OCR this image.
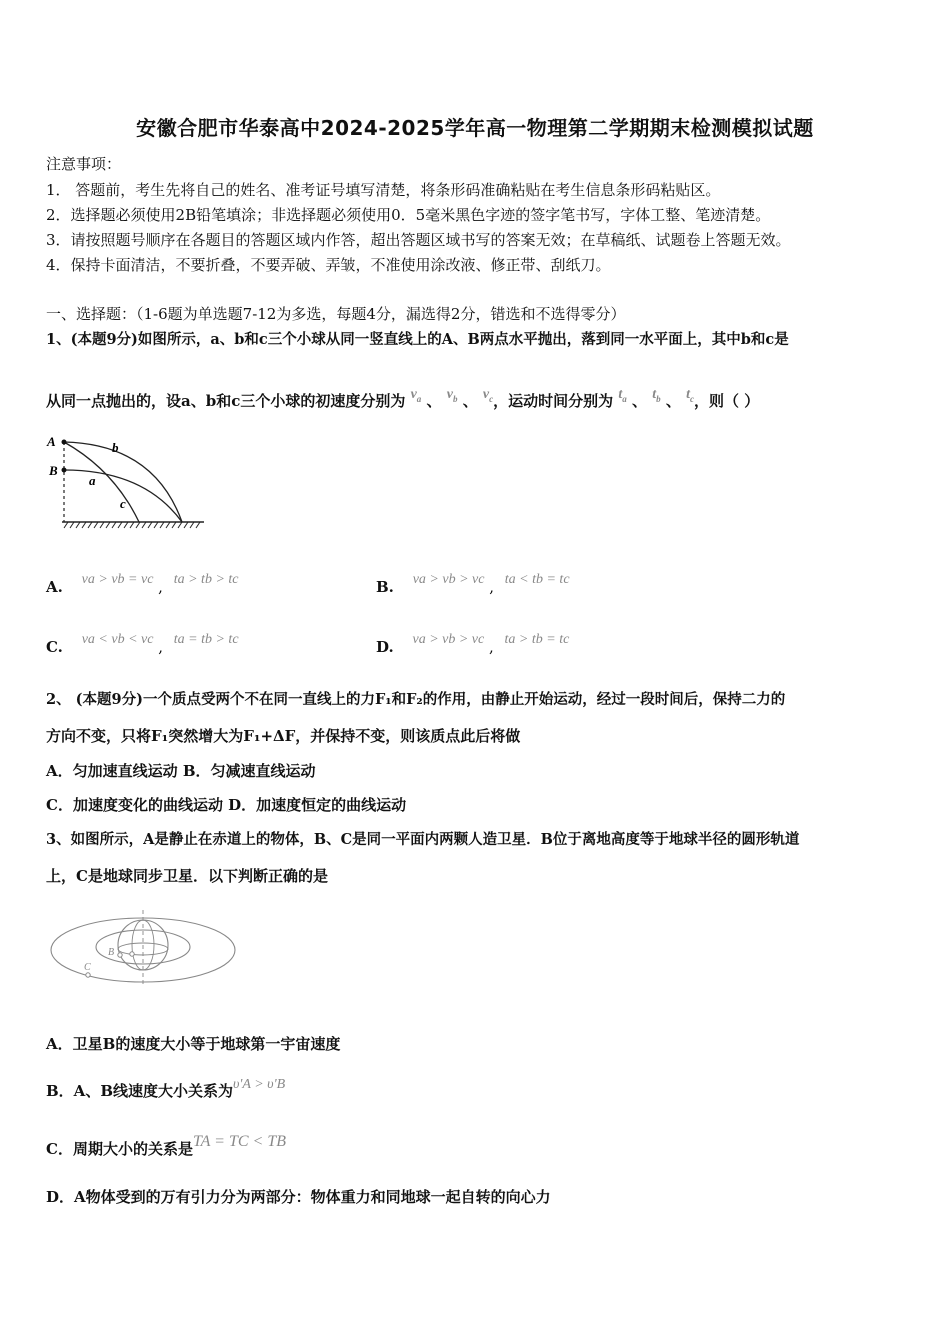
安徽合肥市华泰高中2024-2025学年高一物理第二学期期末检测模拟试题
注意事项：
1． 答题前，考生先将自己的姓名、准考证号填写清楚，将条形码准确粘贴在考生信息条形码粘贴区。
2．选择题必须使用2B铅笔填涂；非选择题必须使用0．5毫米黑色字迹的签字笔书写，字体工整、笔迹清楚。
3．请按照题号顺序在各题目的答题区域内作答，超出答题区域书写的答案无效；在草稿纸、试题卷上答题无效。
4．保持卡面清洁，不要折叠，不要弄破、弄皱，不准使用涂改液、修正带、刮纸刀。
一、选择题：（1-6题为单选题7-12为多选，每题4分，漏选得2分，错选和不选得零分）
1、(本题9分)如图所示，a、b和c三个小球从同一竖直线上的A、B两点水平抛出，落到同一水平面上，其中b和c是
从同一点抛出的，设a、b和c三个小球的初速度分别为 $v_a$ 、 $v_b$ 、 $v_c$，运动时间分别为 $t_a$ 、 $t_b$ 、 $t_c$，则（ ）
A
B
a
b
c
A. va > vb = vc , ta > tb > tc	B. va > vb > vc , ta < tb = tc
C. va < vb < vc , ta = tb > tc	D. va > vb > vc , ta > tb = tc
2、 (本题9分)一个质点受两个不在同一直线上的力F₁和F₂的作用，由静止开始运动，经过一段时间后，保持二力的
方向不变，只将F₁突然增大为F₁+ΔF，并保持不变，则该质点此后将做
A．匀加速直线运动 B．匀减速直线运动
C．加速度变化的曲线运动 D．加速度恒定的曲线运动
3、如图所示，A是静止在赤道上的物体，B、C是同一平面内两颗人造卫星．B位于离地高度等于地球半径的圆形轨道
上，C是地球同步卫星．以下判断正确的是
B
C
A．卫星B的速度大小等于地球第一宇宙速度
B．A、B线速度大小关系为υ'A > υ'B
C．周期大小的关系是TA = TC < TB
D．A物体受到的万有引力分为两部分：物体重力和同地球一起自转的向心力
